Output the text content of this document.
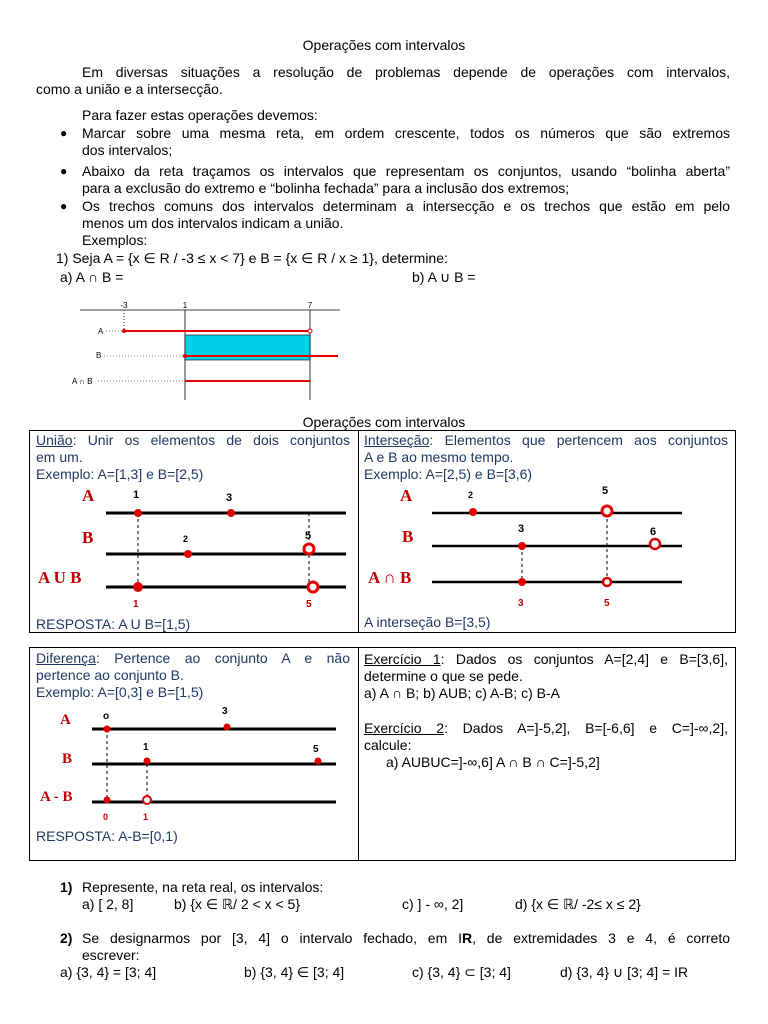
Operações com intervalos
Em diversas situações a resolução de problemas depende de operações com intervalos,
como a união e a intersecção.
Para fazer estas operações devemos:
● Marcar sobre uma mesma reta, em ordem crescente, todos os números que são extremos
dos intervalos;
● Abaixo da reta traçamos os intervalos que representam os conjuntos, usando “bolinha aberta”
para a exclusão do extremo e “bolinha fechada” para a inclusão dos extremos;
● Os trechos comuns dos intervalos determinam a intersecção e os trechos que estão em pelo
menos um dos intervalos indicam a união.
Exemplos:
1) Seja A = {x ∈ R / -3 ≤ x < 7} e B = {x ∈ R / x ≥ 1}, determine:
a) A ∩ B =	b) A ∪ B =
-3	1	7
A
B
A ∩ B
Operações com intervalos
União: Unir os elementos de dois conjuntos
em um.
Exemplo: A=[1,3] e B=[2,5)
A
B
A U B
1	3
2	5
1	5
RESPOSTA: A U B=[1,5)
Interseção: Elementos que pertencem aos conjuntos
A e B ao mesmo tempo.
Exemplo: A=[2,5) e B=[3,6)
A
B
A ∩ B
2	5
3	6
3	5
A interseção B=[3,5)
Diferença: Pertence ao conjunto A e não
pertence ao conjunto B.
Exemplo: A=[0,3] e B=[1,5)
A
B
A - B
o	3
1	5
0	1
RESPOSTA: A-B=[0,1)
Exercício 1: Dados os conjuntos A=[2,4] e B=[3,6],
determine o que se pede.
a) A ∩ B; b) AUB; c) A-B; c) B-A
Exercício 2: Dados A=]-5,2], B=[-6,6] e C=]-∞,2],
calcule:
a) AUBUC=]-∞,6] A ∩ B ∩ C=]-5,2]
1) Represente, na reta real, os intervalos:
a) [ 2, 8]	b) {x ∈ ℝ/ 2 < x < 5}	c) ] - ∞, 2]	d) {x ∈ ℝ/ -2≤ x ≤ 2}
2) Se designarmos por [3, 4] o intervalo fechado, em IR, de extremidades 3 e 4, é correto
escrever:
a) {3, 4} = [3; 4]	b) {3, 4} ∈ [3; 4]	c) {3, 4} ⊂ [3; 4]	d) {3, 4} ∪ [3; 4] = IR
